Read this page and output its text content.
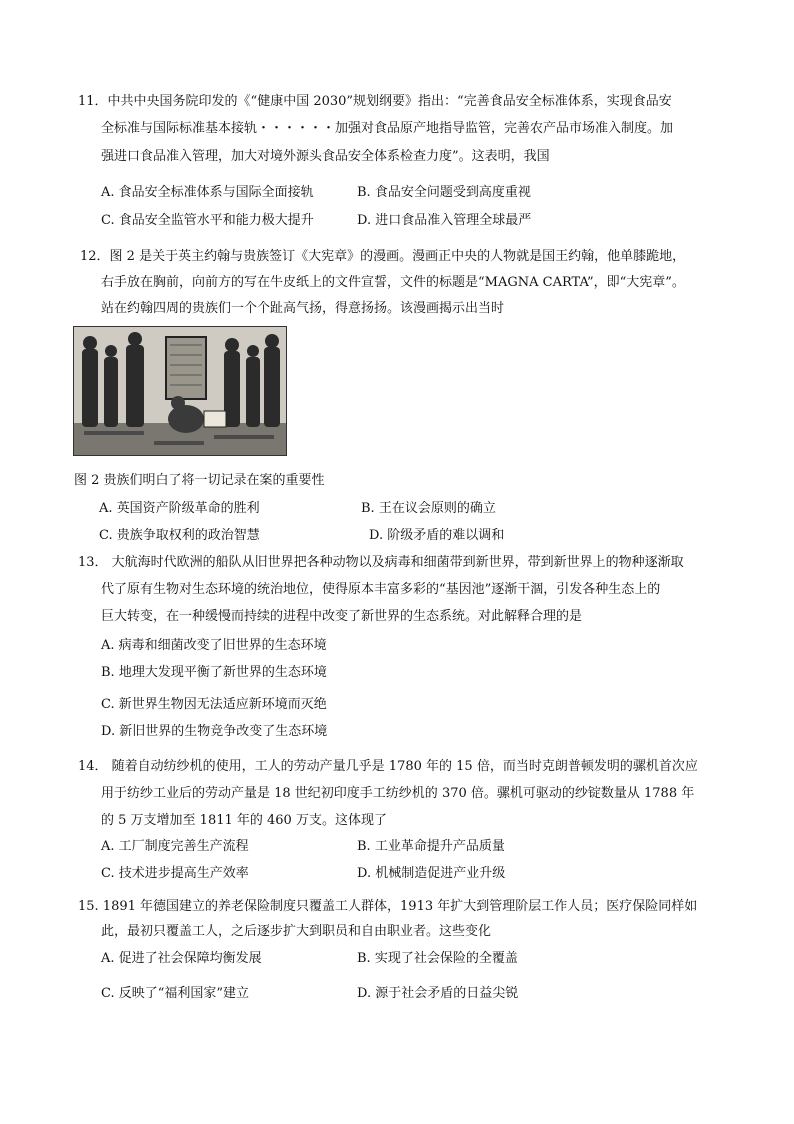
11．中共中央国务院印发的《“健康中国 2030”规划纲要》指出：“完善食品安全标准体系，实现食品安
全标准与国际标准基本接轨・・・・・・加强对食品原产地指导监管，完善农产品市场准入制度。加
强进口食品准入管理，加大对境外源头食品安全体系检查力度”。这表明，我国
A. 食品安全标准体系与国际全面接轨	B. 食品安全问题受到高度重视
C. 食品安全监管水平和能力极大提升	D. 进口食品准入管理全球最严
12．图 2 是关于英主约翰与贵族签订《大宪章》的漫画。漫画正中央的人物就是国王约翰，他单膝跪地，
右手放在胸前，向前方的写在牛皮纸上的文件宣誓，文件的标题是“MAGNA CARTA”，即“大宪章”。
站在约翰四周的贵族们一个个趾高气扬，得意扬扬。该漫画揭示出当时
图 2 贵族们明白了将一切记录在案的重要性
A. 英国资产阶级革命的胜利	B. 王在议会原则的确立
C. 贵族争取权利的政治智慧	D. 阶级矛盾的难以调和
13． 大航海时代欧洲的船队从旧世界把各种动物以及病毒和细菌带到新世界，带到新世界上的物种逐渐取
代了原有生物对生态环境的统治地位，使得原本丰富多彩的“基因池”逐渐干涸，引发各种生态上的
巨大转变，在一种缓慢而持续的进程中改变了新世界的生态系统。对此解释合理的是
A. 病毒和细菌改变了旧世界的生态环境
B. 地理大发现平衡了新世界的生态环境
C. 新世界生物因无法适应新环境而灭绝
D. 新旧世界的生物竞争改变了生态环境
14． 随着自动纺纱机的使用，工人的劳动产量几乎是 1780 年的 15 倍，而当时克朗普顿发明的骡机首次应
用于纺纱工业后的劳动产量是 18 世纪初印度手工纺纱机的 370 倍。骡机可驱动的纱锭数量从 1788 年
的 5 万支增加至 1811 年的 460 万支。这体现了
A. 工厂制度完善生产流程	B. 工业革命提升产品质量
C. 技术进步提高生产效率	D. 机械制造促进产业升级
15. 1891 年德国建立的养老保险制度只覆盖工人群体，1913 年扩大到管理阶层工作人员；医疗保险同样如
此，最初只覆盖工人，之后逐步扩大到职员和自由职业者。这些变化
A. 促进了社会保障均衡发展	B. 实现了社会保险的全覆盖
C. 反映了“福利国家”建立	D. 源于社会矛盾的日益尖锐
